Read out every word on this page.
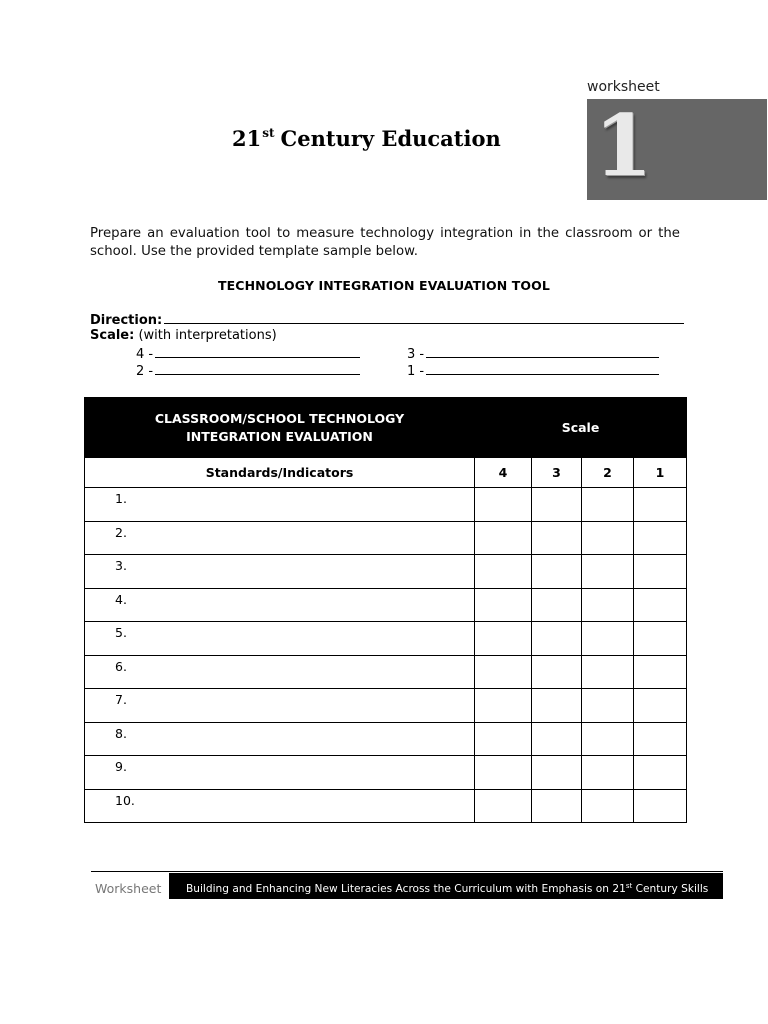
worksheet
1
21st Century Education
Prepare an evaluation tool to measure technology integration in the classroom or the school. Use the provided template sample below.
TECHNOLOGY INTEGRATION EVALUATION TOOL
Direction:
Scale: (with interpretations)
4 -	3 -
2 -	1 -
CLASSROOM/SCHOOL TECHNOLOGY
INTEGRATION EVALUATION	Scale			
Standards/Indicators	4	3	2	1
1.				
2.				
3.				
4.				
5.				
6.				
7.				
8.				
9.				
10.				
Worksheet	Building and Enhancing New Literacies Across the Curriculum with Emphasis on 21st Century Skills
